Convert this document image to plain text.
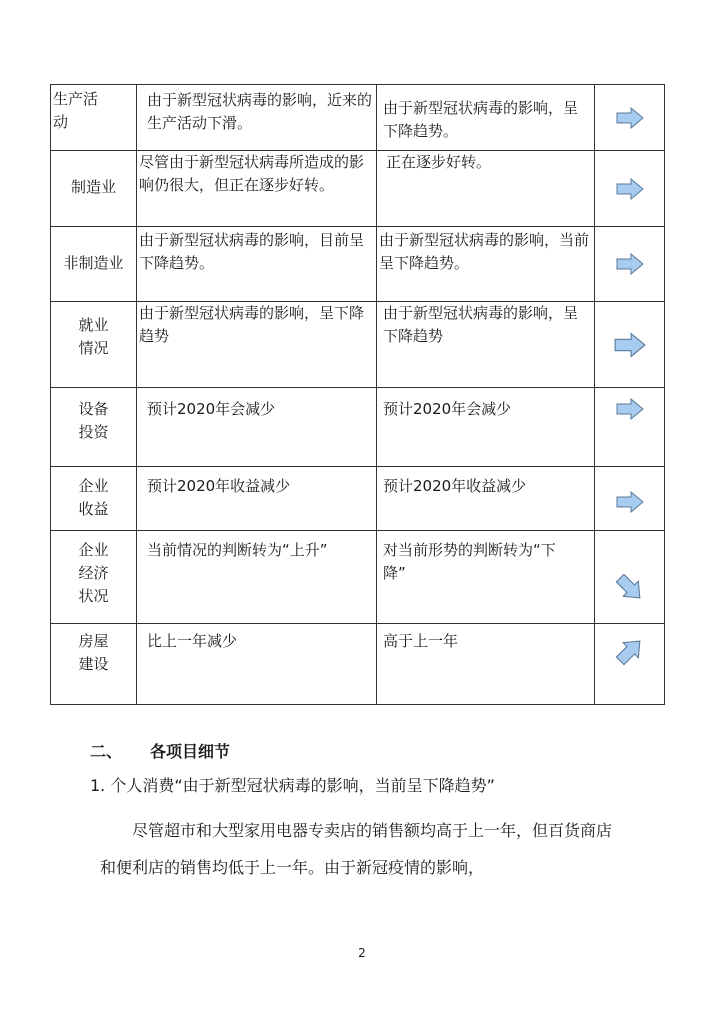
生产活动	由于新型冠状病毒的影响，近来的生产活动下滑。	由于新型冠状病毒的影响，呈下降趋势。

制造业	尽管由于新型冠状病毒所造成的影响仍很大，但正在逐步好转。	正在逐步好转。

非制造业	由于新型冠状病毒的影响，目前呈下降趋势。	由于新型冠状病毒的影响，当前呈下降趋势。

就业情况	由于新型冠状病毒的影响，呈下降趋势	由于新型冠状病毒的影响，呈下降趋势

设备投资	预计2020年会减少	预计2020年会减少

企业收益	预计2020年收益减少	预计2020年收益减少

企业经济状况	当前情况的判断转为“上升”	对当前形势的判断转为“下降”

房屋建设	比上一年减少	高于上一年

二、 各项目细节
1. 个人消费“由于新型冠状病毒的影响，当前呈下降趋势”
尽管超市和大型家用电器专卖店的销售额均高于上一年，但百货商店和便利店的销售均低于上一年。由于新冠疫情的影响，
2
